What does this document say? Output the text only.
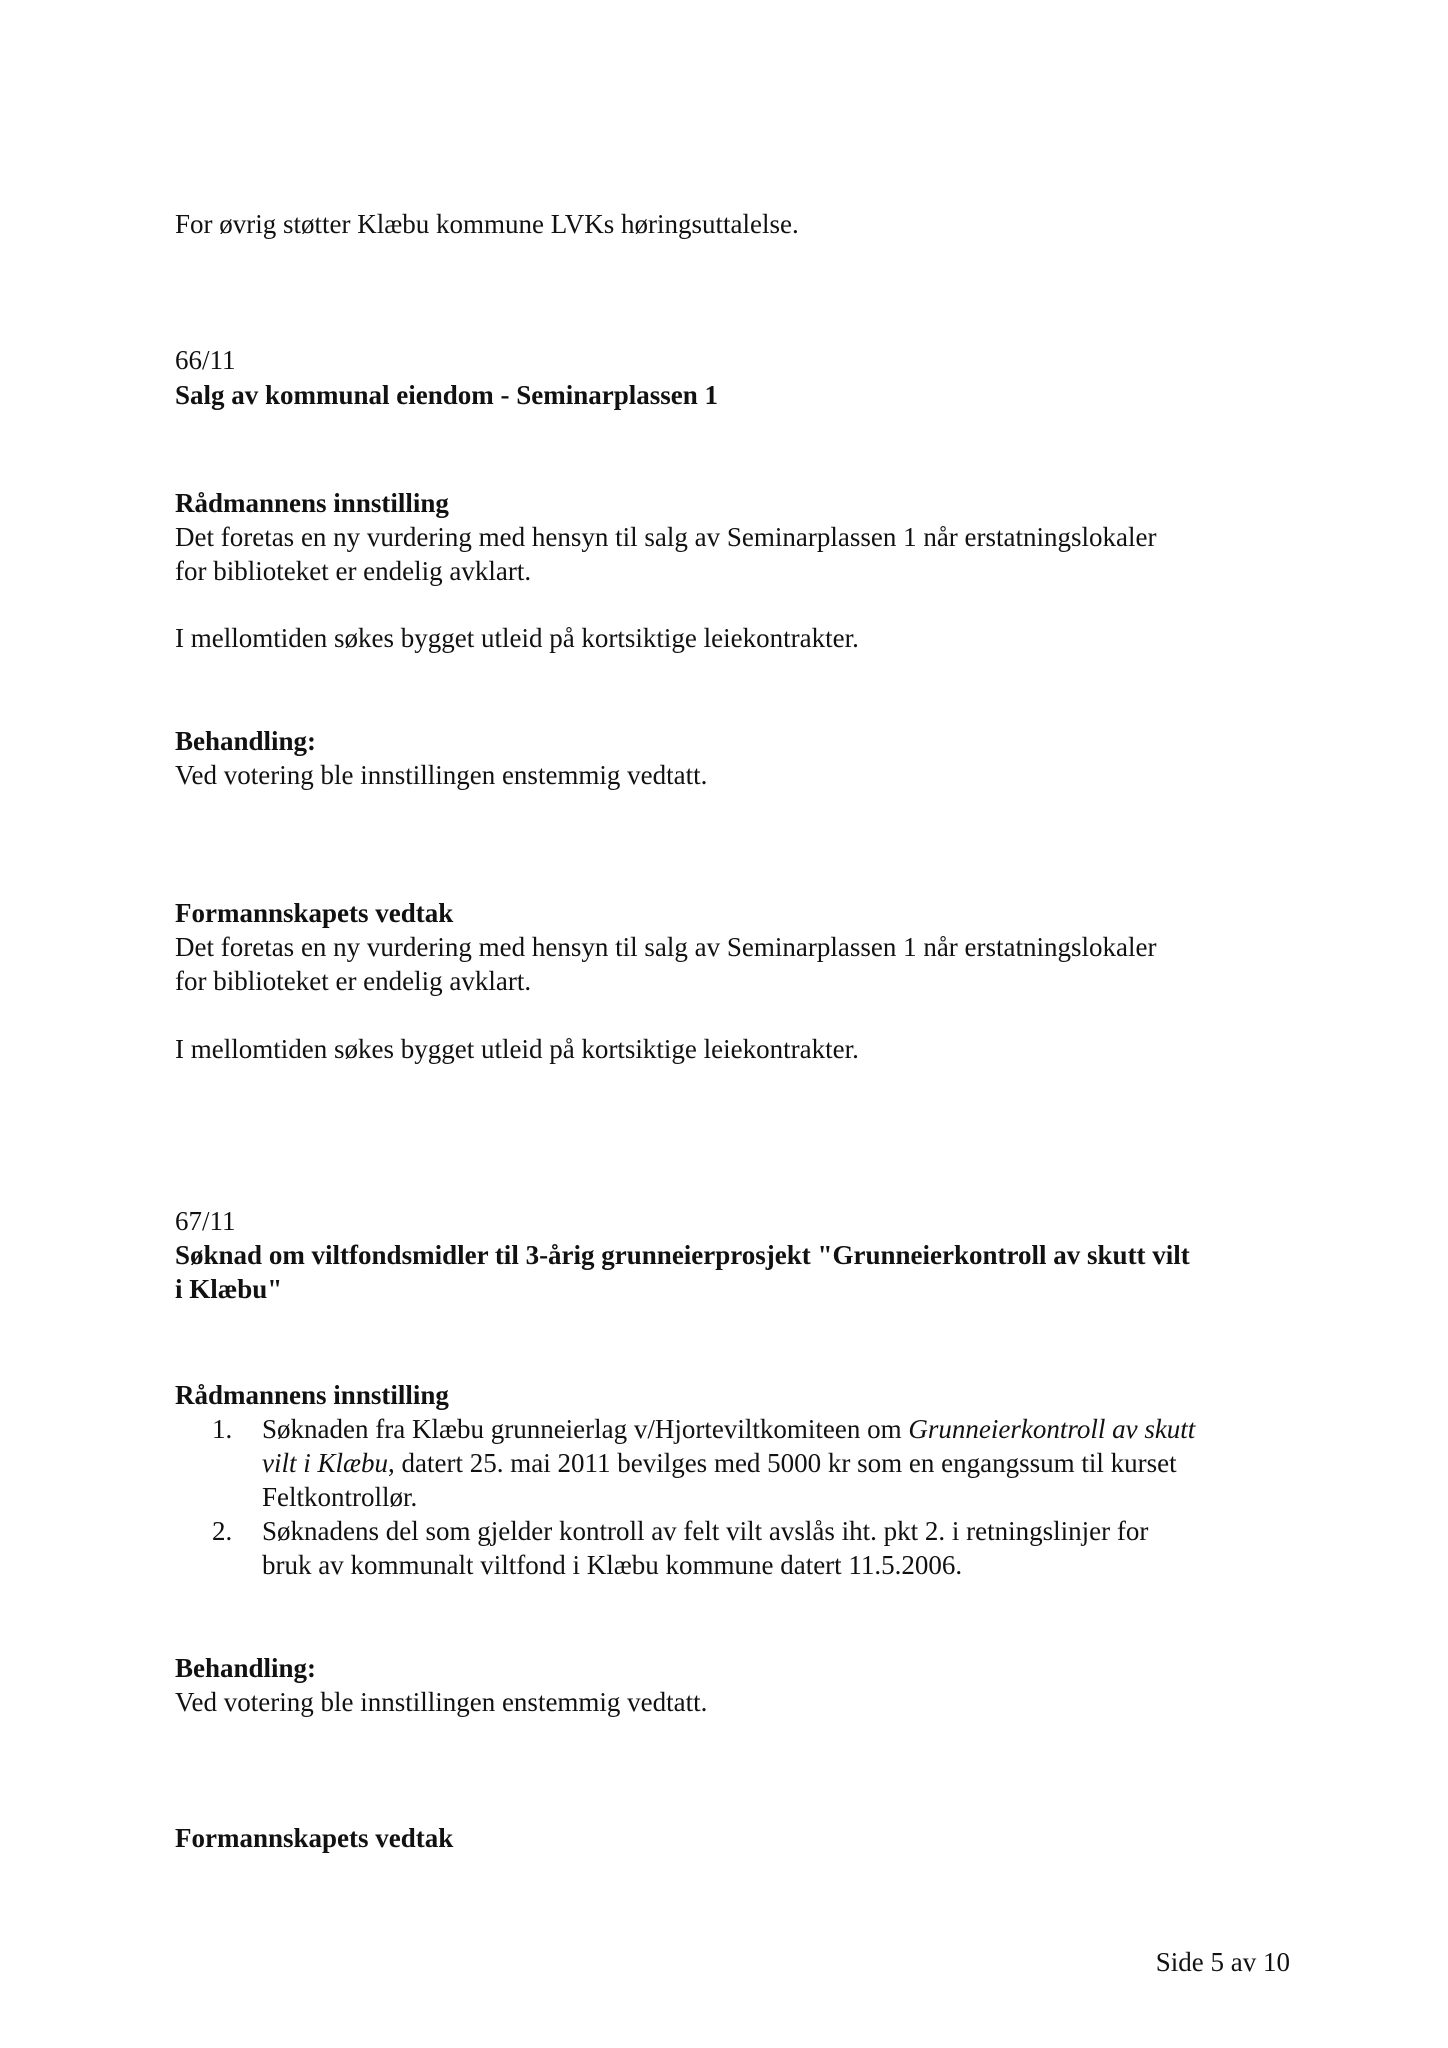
For øvrig støtter Klæbu kommune LVKs høringsuttalelse.

66/11

Salg av kommunal eiendom - Seminarplassen 1

Rådmannens innstilling

Det foretas en ny vurdering med hensyn til salg av Seminarplassen 1 når erstatningslokaler

for biblioteket er endelig avklart.

I mellomtiden søkes bygget utleid på kortsiktige leiekontrakter.

Behandling:

Ved votering ble innstillingen enstemmig vedtatt.

Formannskapets vedtak

Det foretas en ny vurdering med hensyn til salg av Seminarplassen 1 når erstatningslokaler

for biblioteket er endelig avklart.

I mellomtiden søkes bygget utleid på kortsiktige leiekontrakter.

67/11

Søknad om viltfondsmidler til 3-årig grunneierprosjekt "Grunneierkontroll av skutt vilt

i Klæbu"

Rådmannens innstilling

1. Søknaden fra Klæbu grunneierlag v/Hjorteviltkomiteen om Grunneierkontroll av skutt

vilt i Klæbu, datert 25. mai 2011 bevilges med 5000 kr som en engangssum til kurset

Feltkontrollør.

2. Søknadens del som gjelder kontroll av felt vilt avslås iht. pkt 2. i retningslinjer for

bruk av kommunalt viltfond i Klæbu kommune datert 11.5.2006.

Behandling:

Ved votering ble innstillingen enstemmig vedtatt.

Formannskapets vedtak

Side 5 av 10
